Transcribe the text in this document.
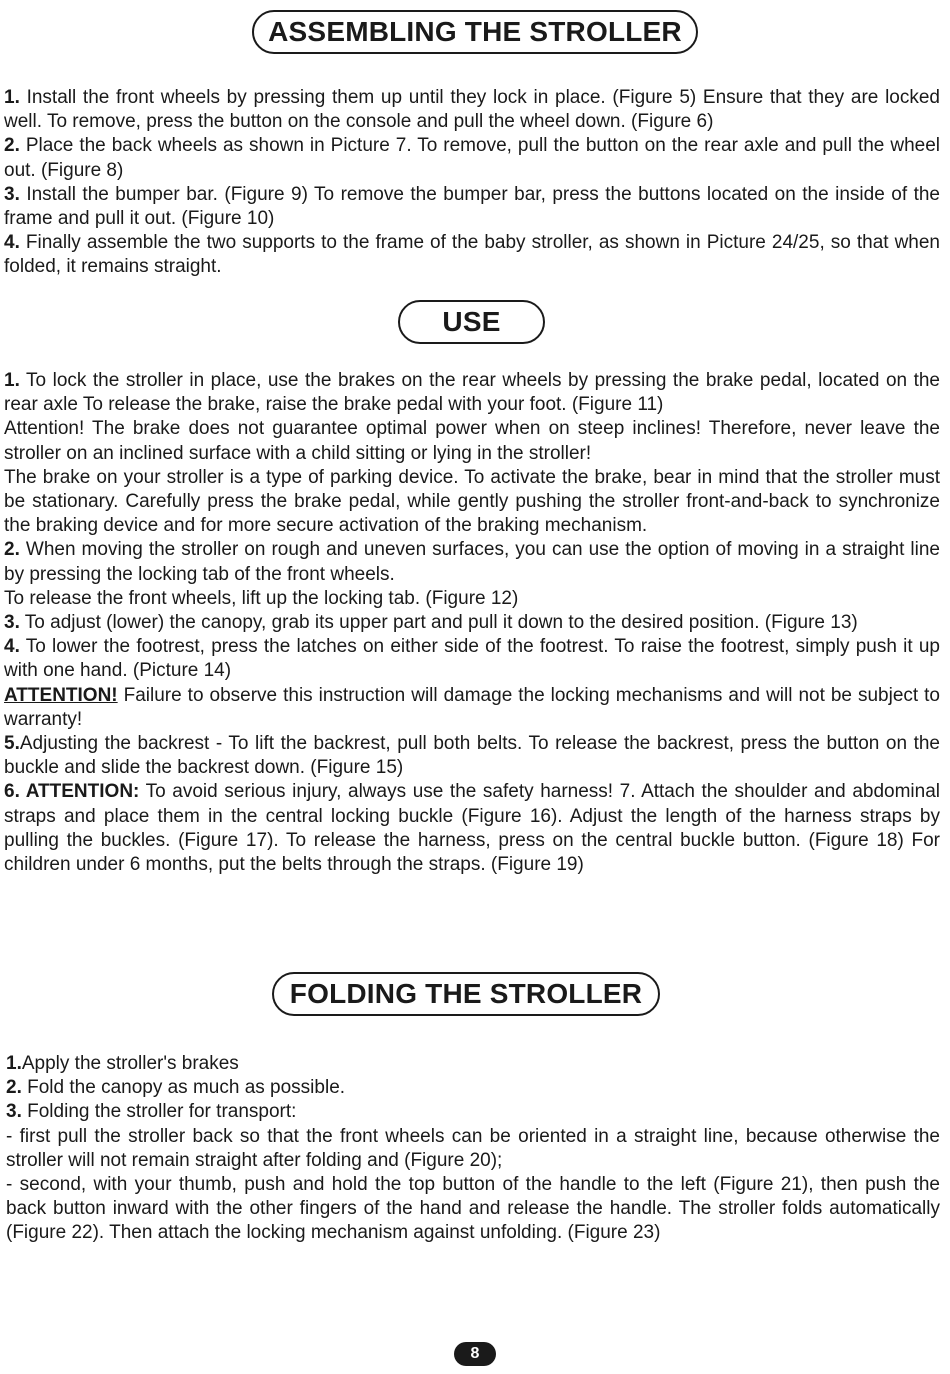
ASSEMBLING THE STROLLER

1. Install the front wheels by pressing them up until they lock in place. (Figure 5) Ensure that they are locked well. To remove, press the button on the console and pull the wheel down. (Figure 6)

2. Place the back wheels as shown in Picture 7. To remove, pull the button on the rear axle and pull the wheel out. (Figure 8)

3. Install the bumper bar. (Figure 9) To remove the bumper bar, press the buttons located on the inside of the frame and pull it out. (Figure 10)

4. Finally assemble the two supports to the frame of the baby stroller, as shown in Picture 24/25, so that when folded, it remains straight.

USE

1. To lock the stroller in place, use the brakes on the rear wheels by pressing the brake pedal, located on the rear axle To release the brake, raise the brake pedal with your foot. (Figure 11)

Attention! The brake does not guarantee optimal power when on steep inclines! Therefore, never leave the stroller on an inclined surface with a child sitting or lying in the stroller!

The brake on your stroller is a type of parking device. To activate the brake, bear in mind that the stroller must be stationary. Carefully press the brake pedal, while gently pushing the stroller front-and-back to synchronize the braking device and for more secure activation of the braking mechanism.

2. When moving the stroller on rough and uneven surfaces, you can use the option of moving in a straight line by pressing the locking tab of the front wheels.

To release the front wheels, lift up the locking tab. (Figure 12)

3. To adjust (lower) the canopy, grab its upper part and pull it down to the desired position. (Figure 13)

4. To lower the footrest, press the latches on either side of the footrest. To raise the footrest, simply push it up with one hand. (Picture 14)

ATTENTION! Failure to observe this instruction will damage the locking mechanisms and will not be subject to warranty!

5.Adjusting the backrest - To lift the backrest, pull both belts. To release the backrest, press the button on the buckle and slide the backrest down. (Figure 15)

6. ATTENTION: To avoid serious injury, always use the safety harness! 7. Attach the shoulder and abdominal straps and place them in the central locking buckle (Figure 16). Adjust the length of the harness straps by pulling the buckles. (Figure 17). To release the harness, press on the central buckle button. (Figure 18) For children under 6 months, put the belts through the straps. (Figure 19)

FOLDING THE STROLLER

1.Apply the stroller's brakes

2. Fold the canopy as much as possible.

3. Folding the stroller for transport:

- first pull the stroller back so that the front wheels can be oriented in a straight line, because otherwise the stroller will not remain straight after folding and (Figure 20);

- second, with your thumb, push and hold the top button of the handle to the left (Figure 21), then push the back button inward with the other fingers of the hand and release the handle. The stroller folds automatically (Figure 22). Then attach the locking mechanism against unfolding. (Figure 23)

8
